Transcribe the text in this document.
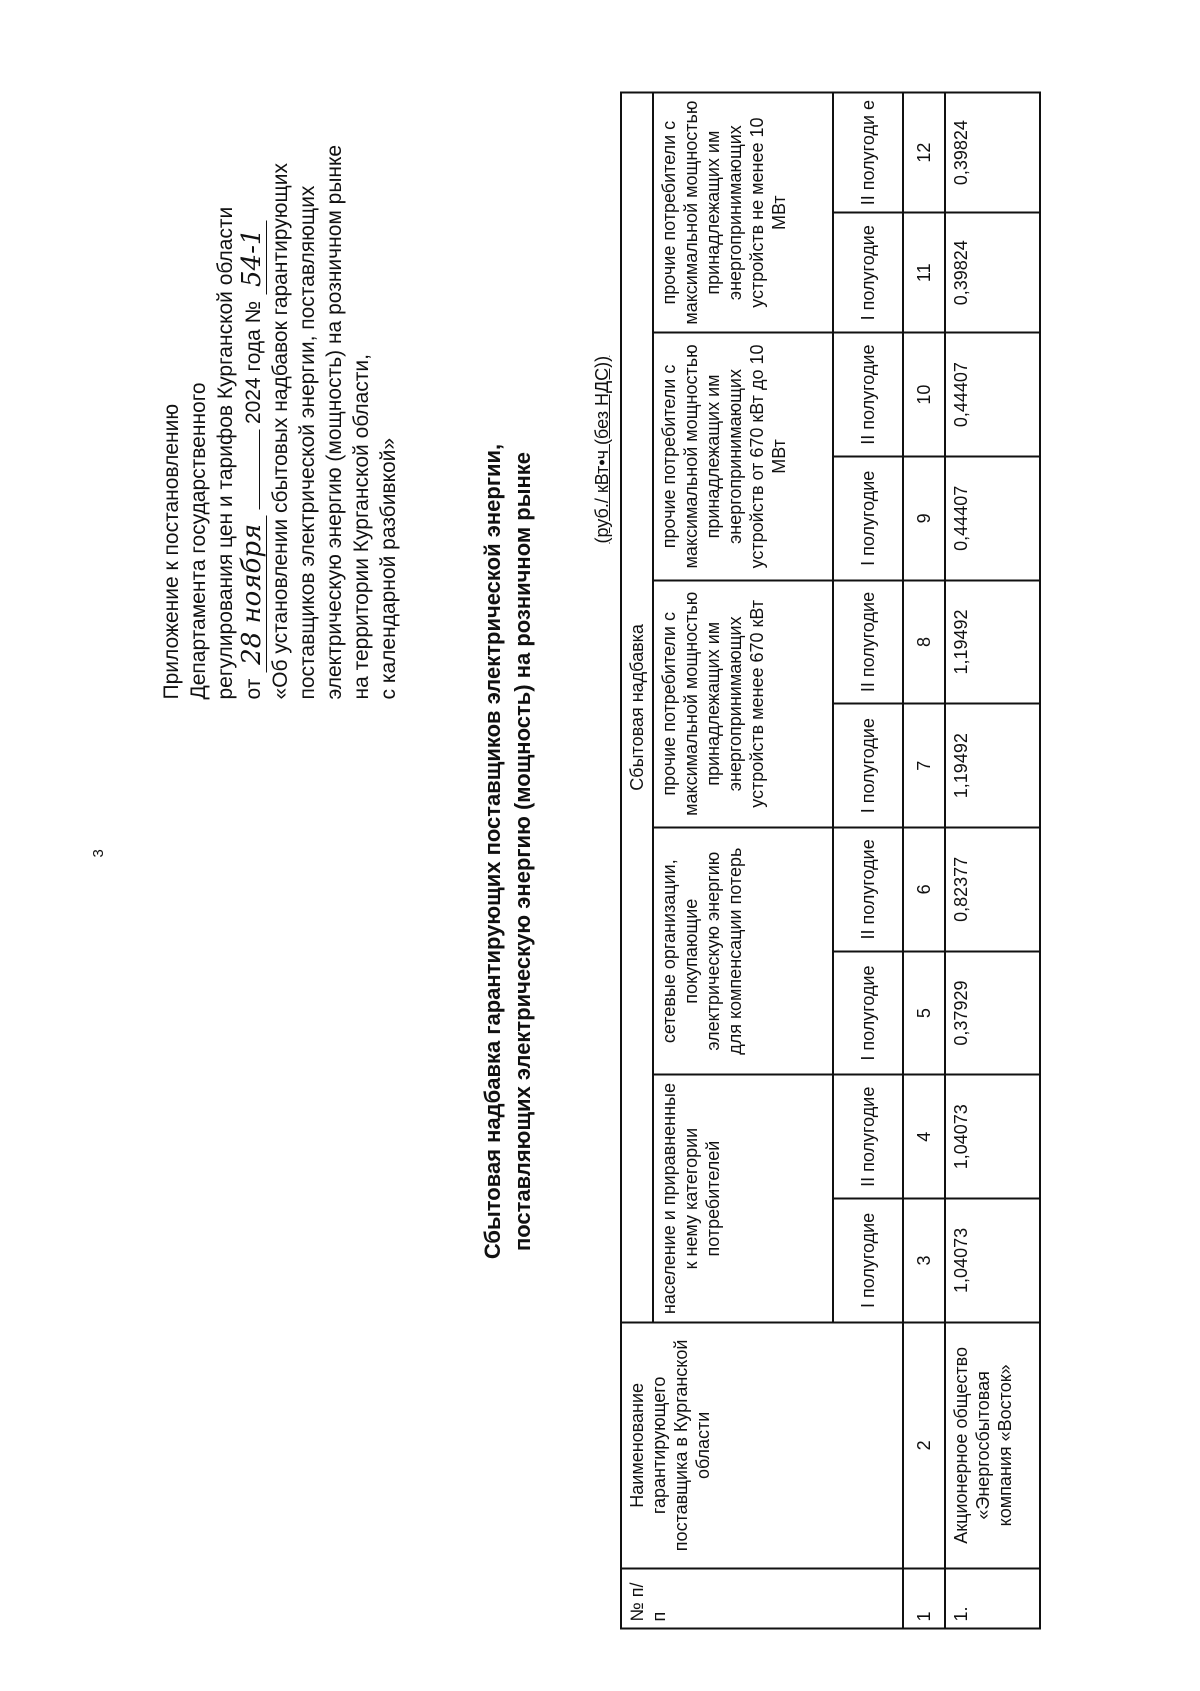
3
Приложение к постановлению Департамента государственного регулирования цен и тарифов Курганской области от 28 ноября  2024 года № 54-1 «Об установлении сбытовых надбавок гарантирующих поставщиков электрической энергии, поставляющих электрическую энергию (мощность) на розничном рынке на территории Курганской области, с календарной разбивкой»	Сбытовая надбавка гарантирующих поставщиков электрической энергии, поставляющих электрическую энергию (мощность) на розничном рынке
(руб./ кВт•ч (без НДС))
№ п/п	Наименование гарантирующего поставщика в Курганской области	Сбытовая надбавка									
		население и приравненные к нему категории потребителей		сетевые организации, покупающие электрическую энергию для компенсации потерь		прочие потребители с максимальной мощностью принадлежащих им энергопринимающих устройств менее 670 кВт		прочие потребители с максимальной мощностью принадлежащих им энергопринимающих устройств от 670 кВт до 10 МВт		прочие потребители с максимальной мощностью принадлежащих им энергопринимающих устройств не менее 10 МВт	
		I полугодие	II полугодие	I полугодие	II полугодие	I полугодие	II полугодие	I полугодие	II полугодие	I полугодие	II полугоди е
1	2	3	4	5	6	7	8	9	10	11	12
1.	Акционерное общество «Энергосбытовая компания «Восток»	1,04073	1,04073	0,37929	0,82377	1,19492	1,19492	0,44407	0,44407	0,39824	0,39824
